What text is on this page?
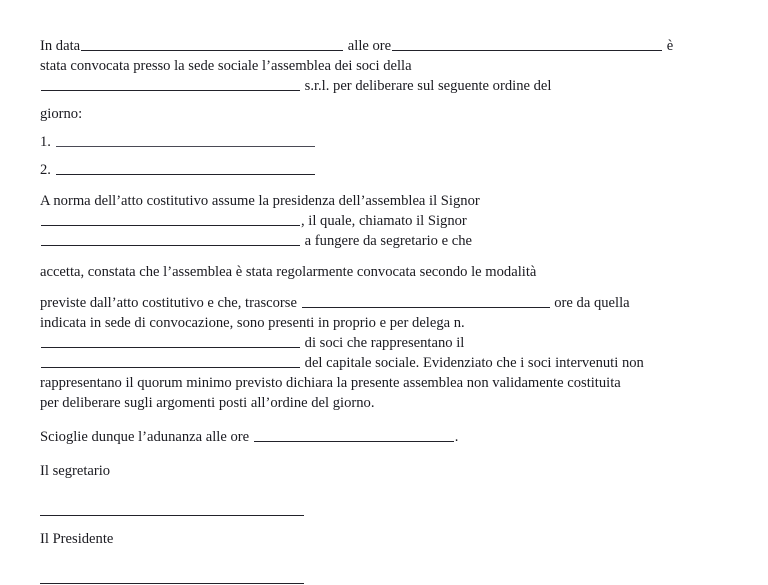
In data	alle ore	è

stata convocata presso la sede sociale l’assemblea dei soci della

s.r.l. per deliberare sul seguente ordine del

giorno:

1.

2.

A norma dell’atto costitutivo assume la presidenza dell’assemblea il Signor

, il quale, chiamato il Signor

a fungere da segretario e che

accetta, constata che l’assemblea è stata regolarmente convocata secondo le modalità

previste dall’atto costitutivo e che, trascorse	ore da quella

indicata in sede di convocazione, sono presenti in proprio e per delega n.

di soci che rappresentano il

del capitale sociale. Evidenziato che i soci intervenuti non

rappresentano il quorum minimo previsto dichiara la presente assemblea non validamente costituita

per deliberare sugli argomenti posti all’ordine del giorno.

Scioglie dunque l’adunanza alle ore	.

Il segretario

Il Presidente
